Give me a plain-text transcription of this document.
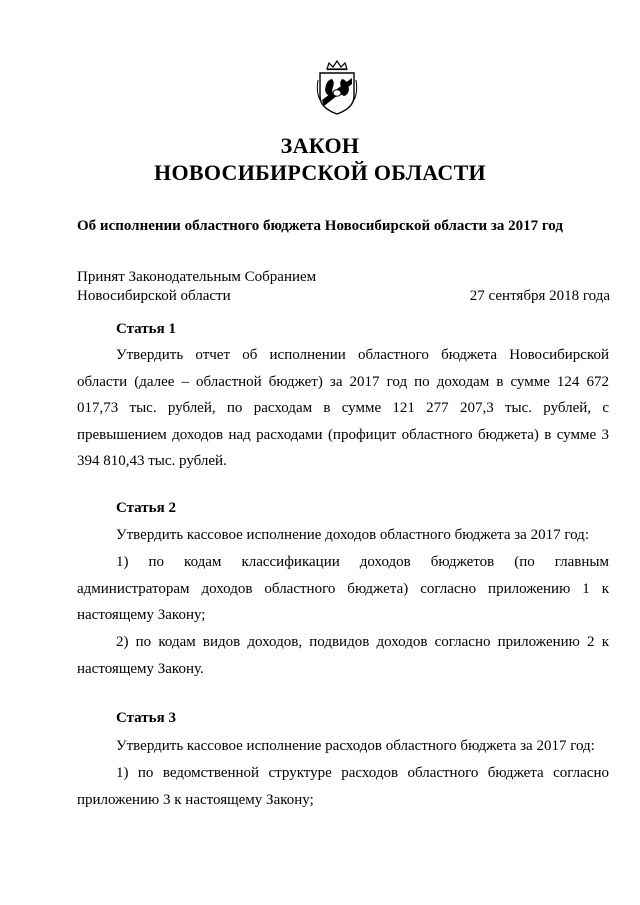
ЗАКОН
НОВОСИБИРСКОЙ ОБЛАСТИ
Об исполнении областного бюджета Новосибирской области за 2017 год
Принят Законодательным Собранием
Новосибирской области	27 сентября 2018 года
Статья 1
Утвердить отчет об исполнении областного бюджета Новосибирской области (далее – областной бюджет) за 2017 год по доходам в сумме 124 672 017,73 тыс. рублей, по расходам в сумме 121 277 207,3 тыс. рублей, с превышением доходов над расходами (профицит областного бюджета) в сумме 3 394 810,43 тыс. рублей.
Статья 2
Утвердить кассовое исполнение доходов областного бюджета за 2017 год:
1) по кодам классификации доходов бюджетов (по главным администраторам доходов областного бюджета) согласно приложению 1 к настоящему Закону;
2) по кодам видов доходов, подвидов доходов согласно приложению 2 к настоящему Закону.
Статья 3
Утвердить кассовое исполнение расходов областного бюджета за 2017 год:
1) по ведомственной структуре расходов областного бюджета согласно приложению 3 к настоящему Закону;
